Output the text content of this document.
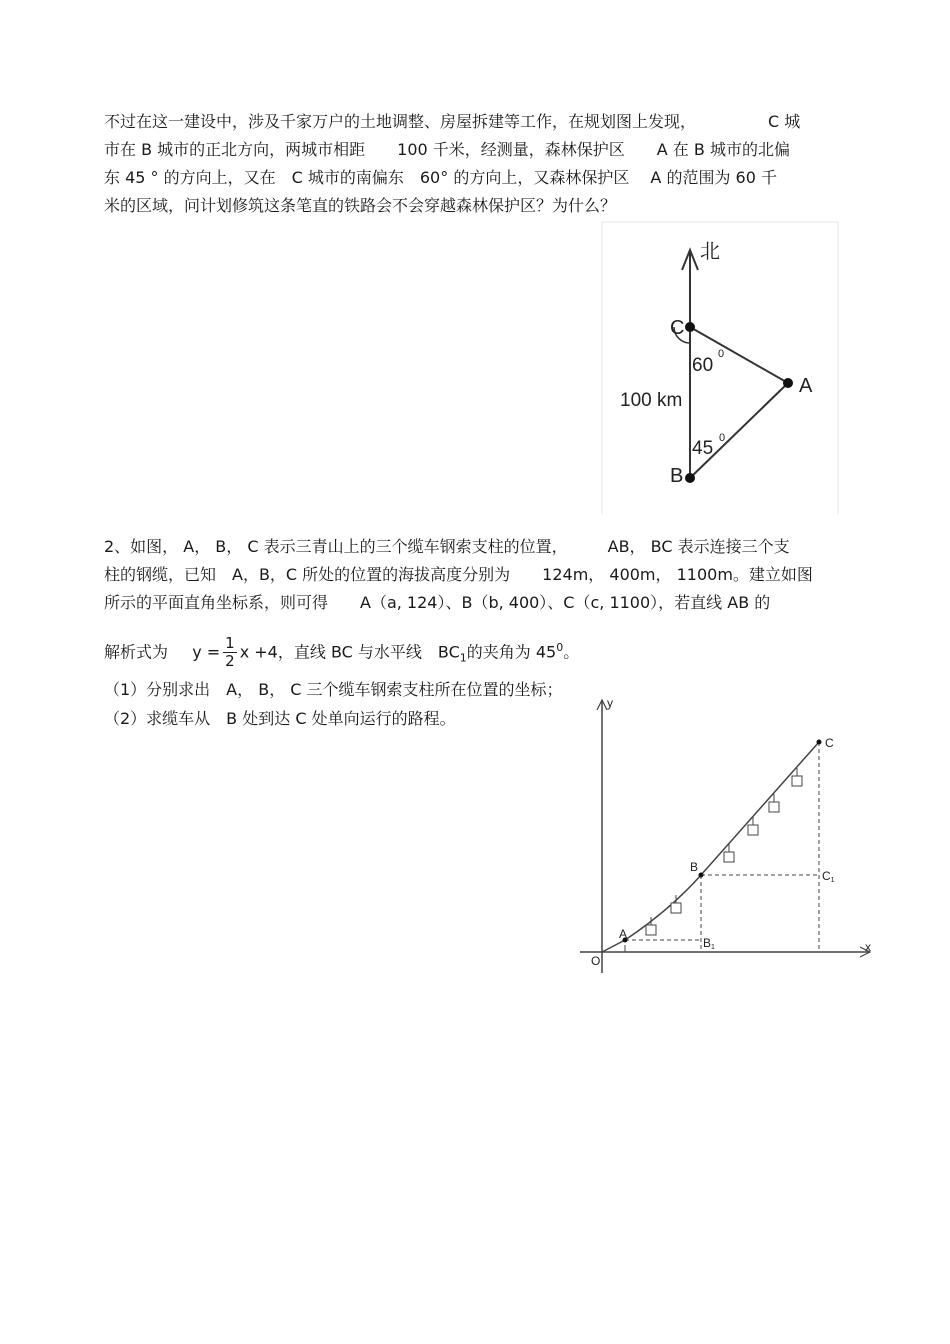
不过在这一建设中，涉及千家万户的土地调整、房屋拆建等工作，在规划图上发现，　　　　　C 城
市在 B 城市的正北方向，两城市相距　　100 千米，经测量，森林保护区　　A 在 B 城市的北偏
东 45 ° 的方向上，又在　C 城市的南偏东　60° 的方向上，又森林保护区　 A 的范围为 60 千
米的区域，问计划修筑这条笔直的铁路会不会穿越森林保护区？为什么？
北
C
A
B
60
0
45 0
100 km
2、如图， A， B， C 表示三青山上的三个缆车钢索支柱的位置，　　　AB， BC 表示连接三个支
柱的钢缆，已知　A，B，C 所处的位置的海拔高度分别为　　124m， 400m， 1100m。建立如图
所示的平面直角坐标系，则可得　　A（a, 124）、B（b, 400）、C（c, 1100），若直线 AB 的
解析式为 $y = \frac{1}{2}$ x +4，直线 BC 与水平线　$BC_1$的夹角为 $45^0$。
（1）分别求出　A， B， C 三个缆车钢索支柱所在位置的坐标；
（2）求缆车从　B 处到达 C 处单向运行的路程。
y
x
O
A
B
C
B1
C1
